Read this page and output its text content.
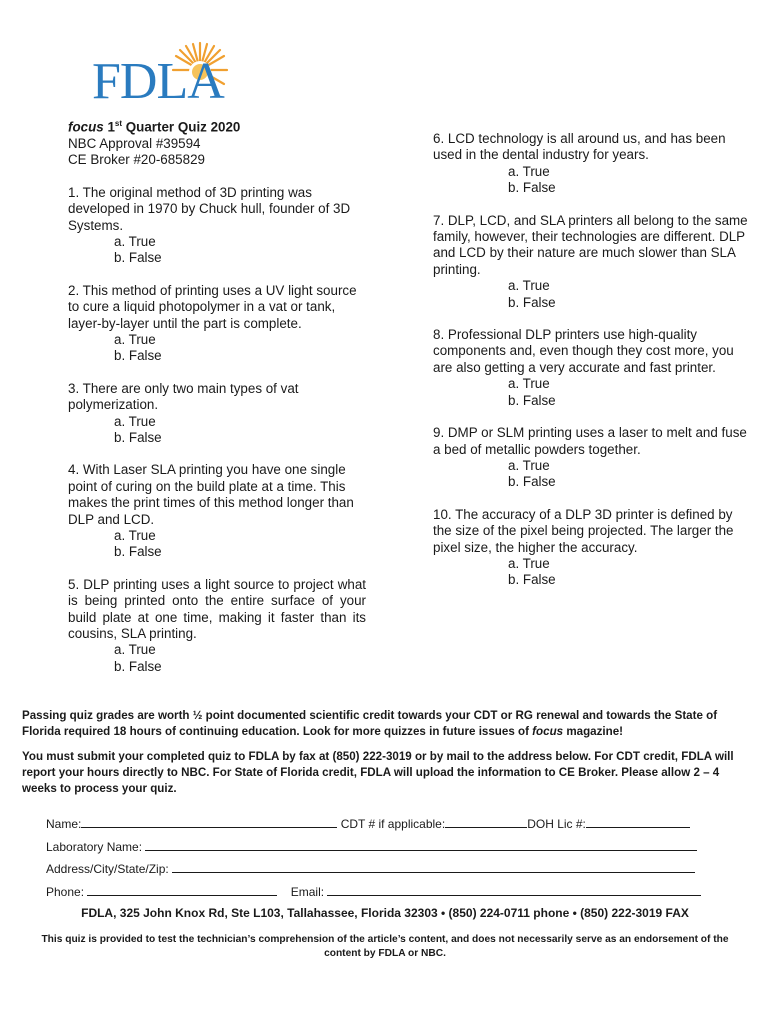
FDLA

focus 1st Quarter Quiz 2020

NBC Approval #39594

CE Broker #20-685829

1. The original method of 3D printing was developed in 1970 by Chuck hull, founder of 3D Systems.

a. True

b. False

2. This method of printing uses a UV light source to cure a liquid photopolymer in a vat or tank, layer-by-layer until the part is complete.

a. True

b. False

3. There are only two main types of vat polymerization.

a. True

b. False

4. With Laser SLA printing you have one single point of curing on the build plate at a time. This makes the print times of this method longer than DLP and LCD.

a. True

b. False

5. DLP printing uses a light source to project what is being printed onto the entire surface of your build plate at one time, making it faster than its cousins, SLA printing.

a. True

b. False

6. LCD technology is all around us, and has been used in the dental industry for years.

a. True

b. False

7. DLP, LCD, and SLA printers all belong to the same family, however, their technologies are different. DLP and LCD by their nature are much slower than SLA printing.

a. True

b. False

8. Professional DLP printers use high-quality components and, even though they cost more, you are also getting a very accurate and fast printer.

a. True

b. False

9. DMP or SLM printing uses a laser to melt and fuse a bed of metallic powders together.

a. True

b. False

10. The accuracy of a DLP 3D printer is defined by the size of the pixel being projected. The larger the pixel size, the higher the accuracy.

a. True

b. False

Passing quiz grades are worth ½ point documented scientific credit towards your CDT or RG renewal and towards the State of Florida required 18 hours of continuing education. Look for more quizzes in future issues of focus magazine!
You must submit your completed quiz to FDLA by fax at (850) 222-3019 or by mail to the address below. For CDT credit, FDLA will report your hours directly to NBC. For State of Florida credit, FDLA will upload the information to CE Broker. Please allow 2 – 4 weeks to process your quiz.
Name:	CDT # if applicable:	DOH Lic #:
Laboratory Name:
Address/City/State/Zip:
Phone:	Email:
FDLA, 325 John Knox Rd, Ste L103, Tallahassee, Florida 32303 • (850) 224-0711 phone • (850) 222-3019 FAX
This quiz is provided to test the technician’s comprehension of the article’s content, and does not necessarily serve as an endorsement of the content by FDLA or NBC.
